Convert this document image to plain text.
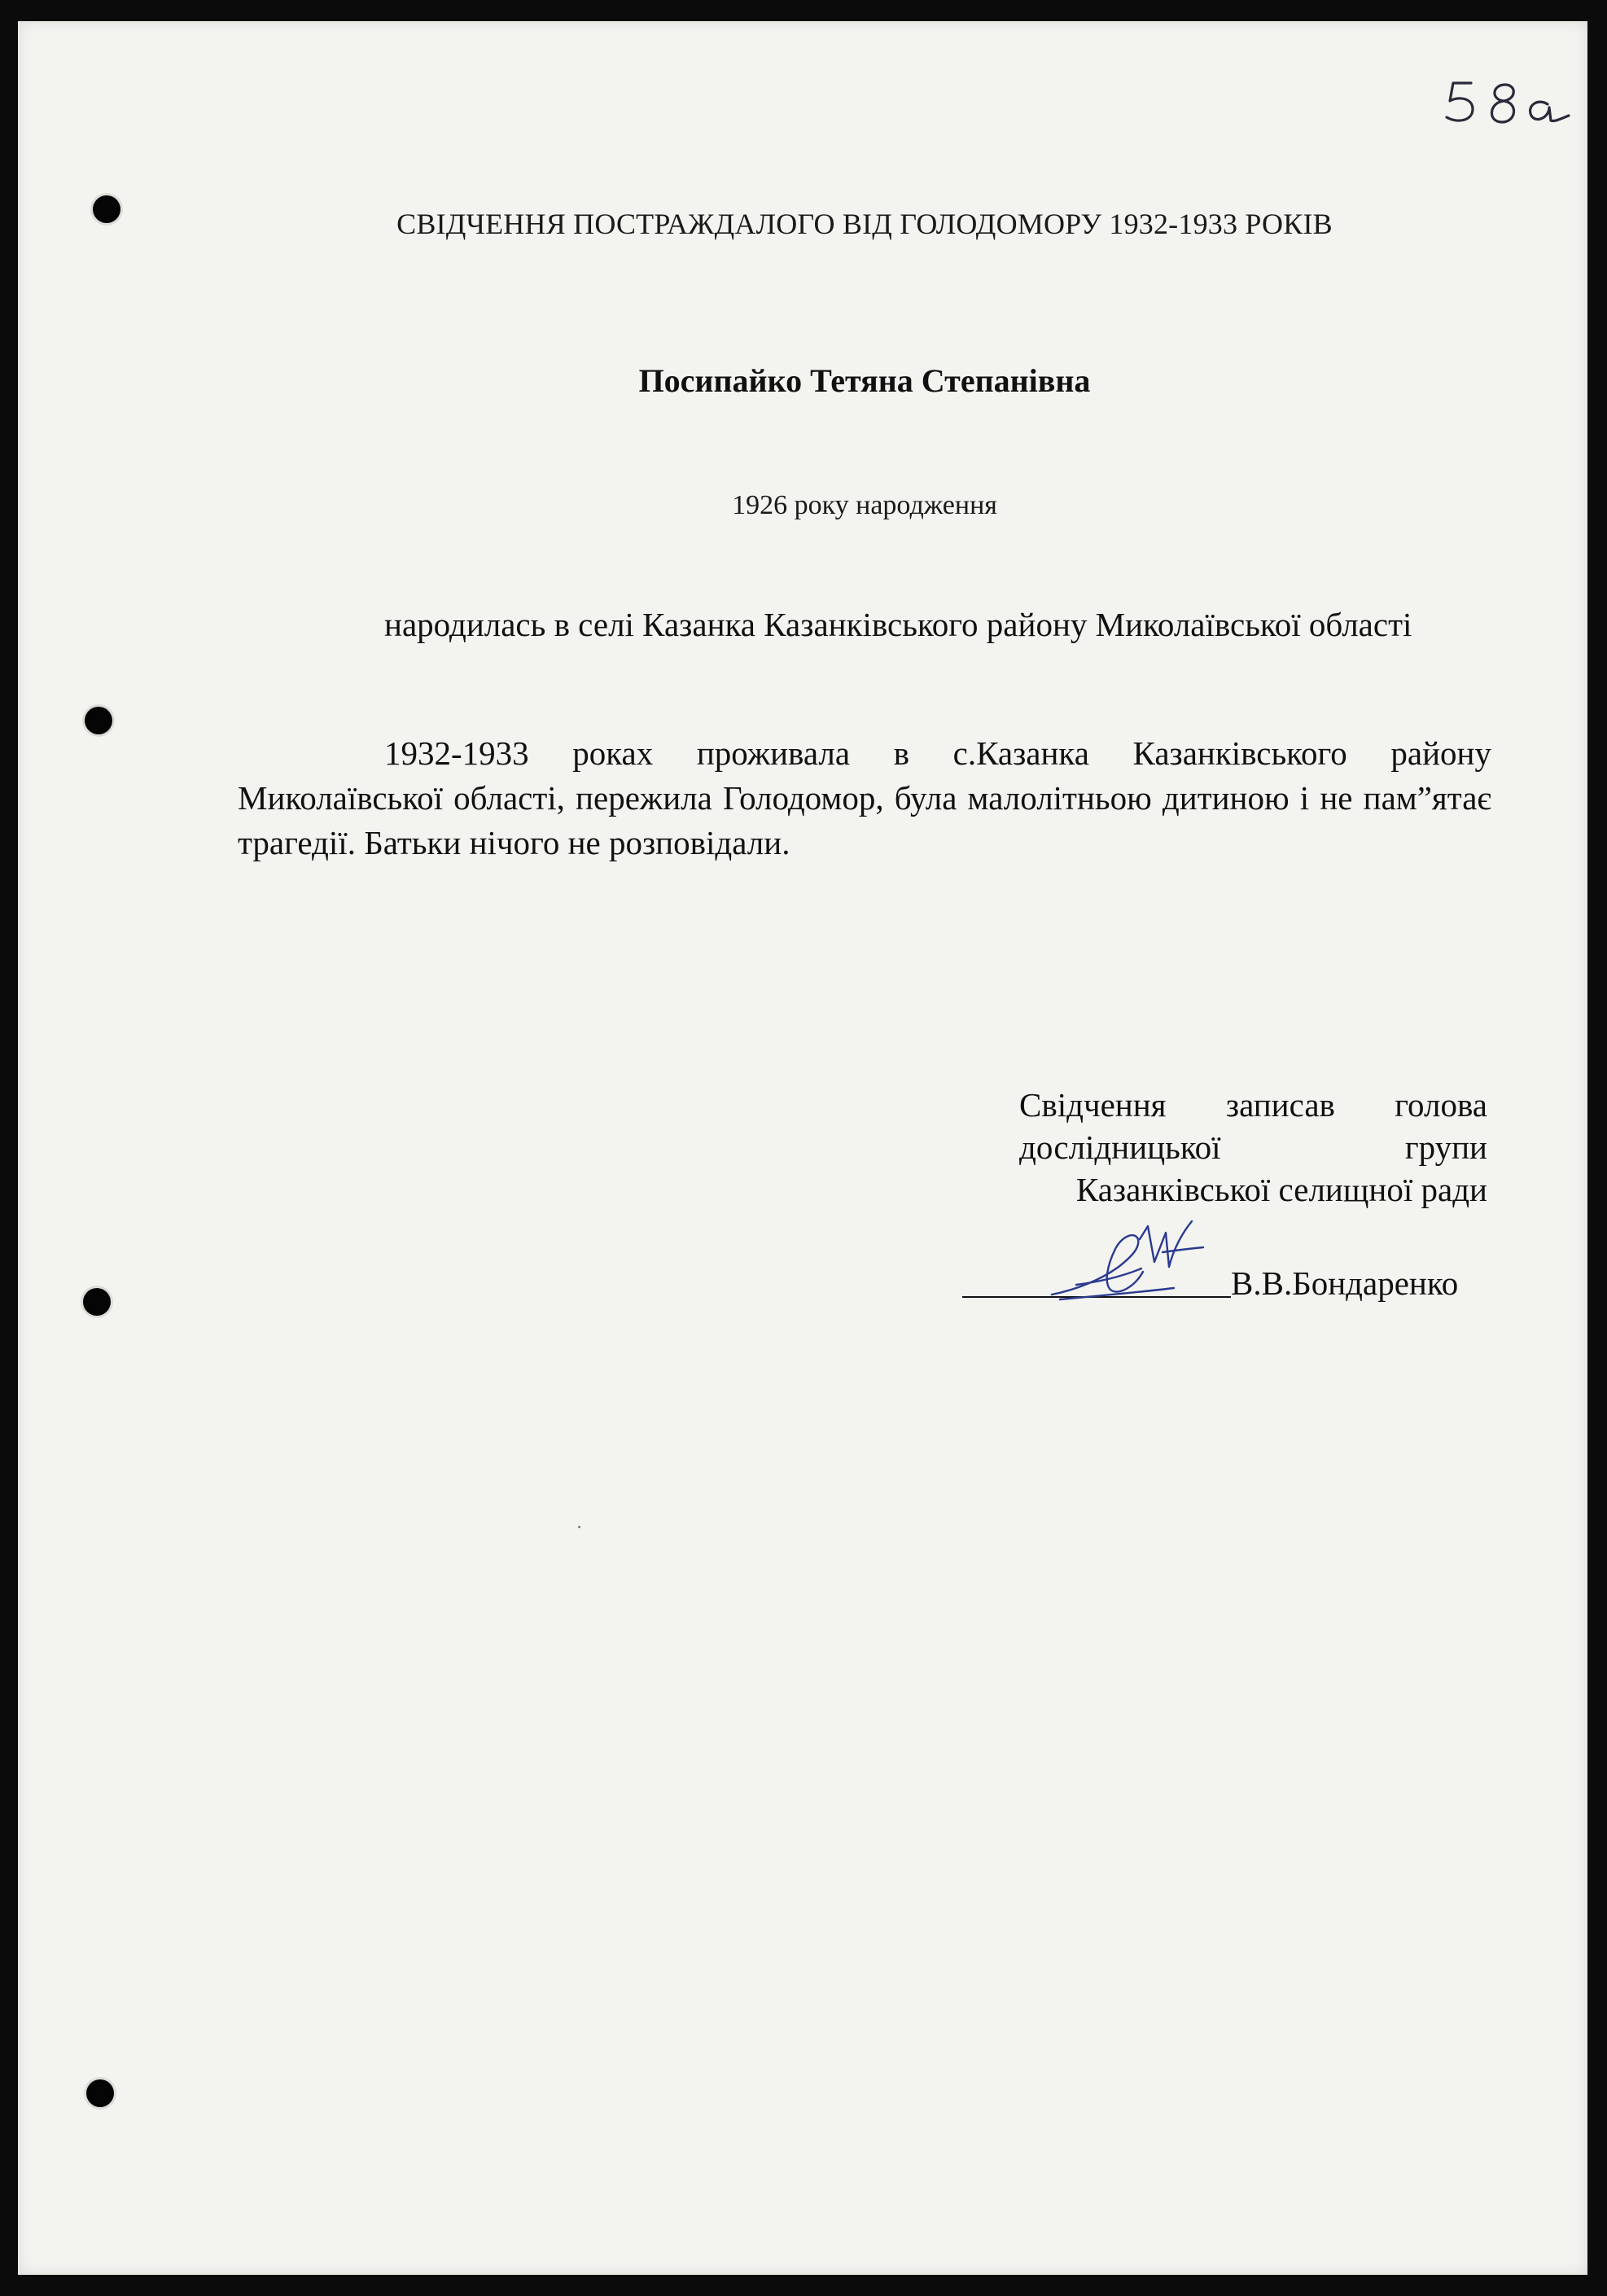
СВІДЧЕННЯ ПОСТРАЖДАЛОГО ВІД ГОЛОДОМОРУ 1932-1933 РОКІВ
Посипайко Тетяна Степанівна
1926 року народження
народилась в селі Казанка Казанківського району Миколаївської області
1932-1933 роках проживала в с.Казанка Казанківського району Миколаївської області, пережила Голодомор, була малолітньою дитиною і не пам”ятає трагедії. Батьки нічого не розповідали.
Свідчення записав голова
дослідницької групи
Казанківської селищної ради
В.В.Бондаренко
